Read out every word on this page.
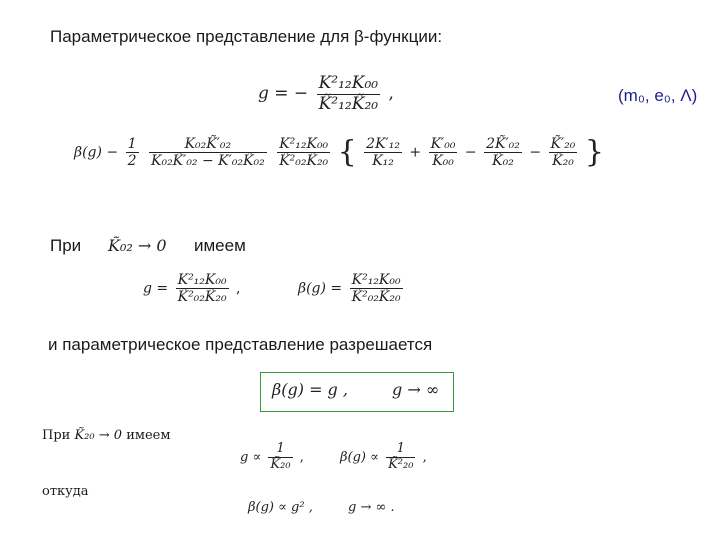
Параметрическое представление для β-функции:
g = − $\frac{\text{K²₁₂K₀₀}}{\text{K̃²₁₂K̃₂₀}}$ ,	(m₀, e₀, Λ)
$\beta(g) - \frac{1}{2}$
$\frac{\text{K₀₂K̃′₀₂}}{\text{K₀₂K̃′₀₂ − K′₀₂K̃₀₂}}$
$\frac{\text{K²₁₂K₀₀}}{\text{K̃²₀₂K̃₂₀}}$ { $\frac{\text{2K′₁₂}}{\text{K₁₂}} + \frac{\text{K′₀₀}}{\text{K₀₀}} - \frac{\text{2K̃′₀₂}}{\text{K̃₀₂}} - \frac{\text{K̃′₂₀}}{\text{K̃₂₀}}$ }
При K̃₀₂ → 0 имеем
$g = \frac{\text{K²₁₂K₀₀}}{\text{K̃²₀₂K̃₂₀}}$ ,	$\beta(g) = \frac{\text{K²₁₂K₀₀}}{\text{K̃²₀₂K̃₂₀}}$
и параметрическое представление разрешается
β(g) = g ,	g → ∞
При K̃₂₀ → 0 имеем
$g \propto \frac{1}{\text{K̃₂₀}}$ ,	$\beta(g) \propto \frac{1}{\text{K̃²₂₀}}$ ,
откуда
β(g) ∝ g² ,	g → ∞ .
